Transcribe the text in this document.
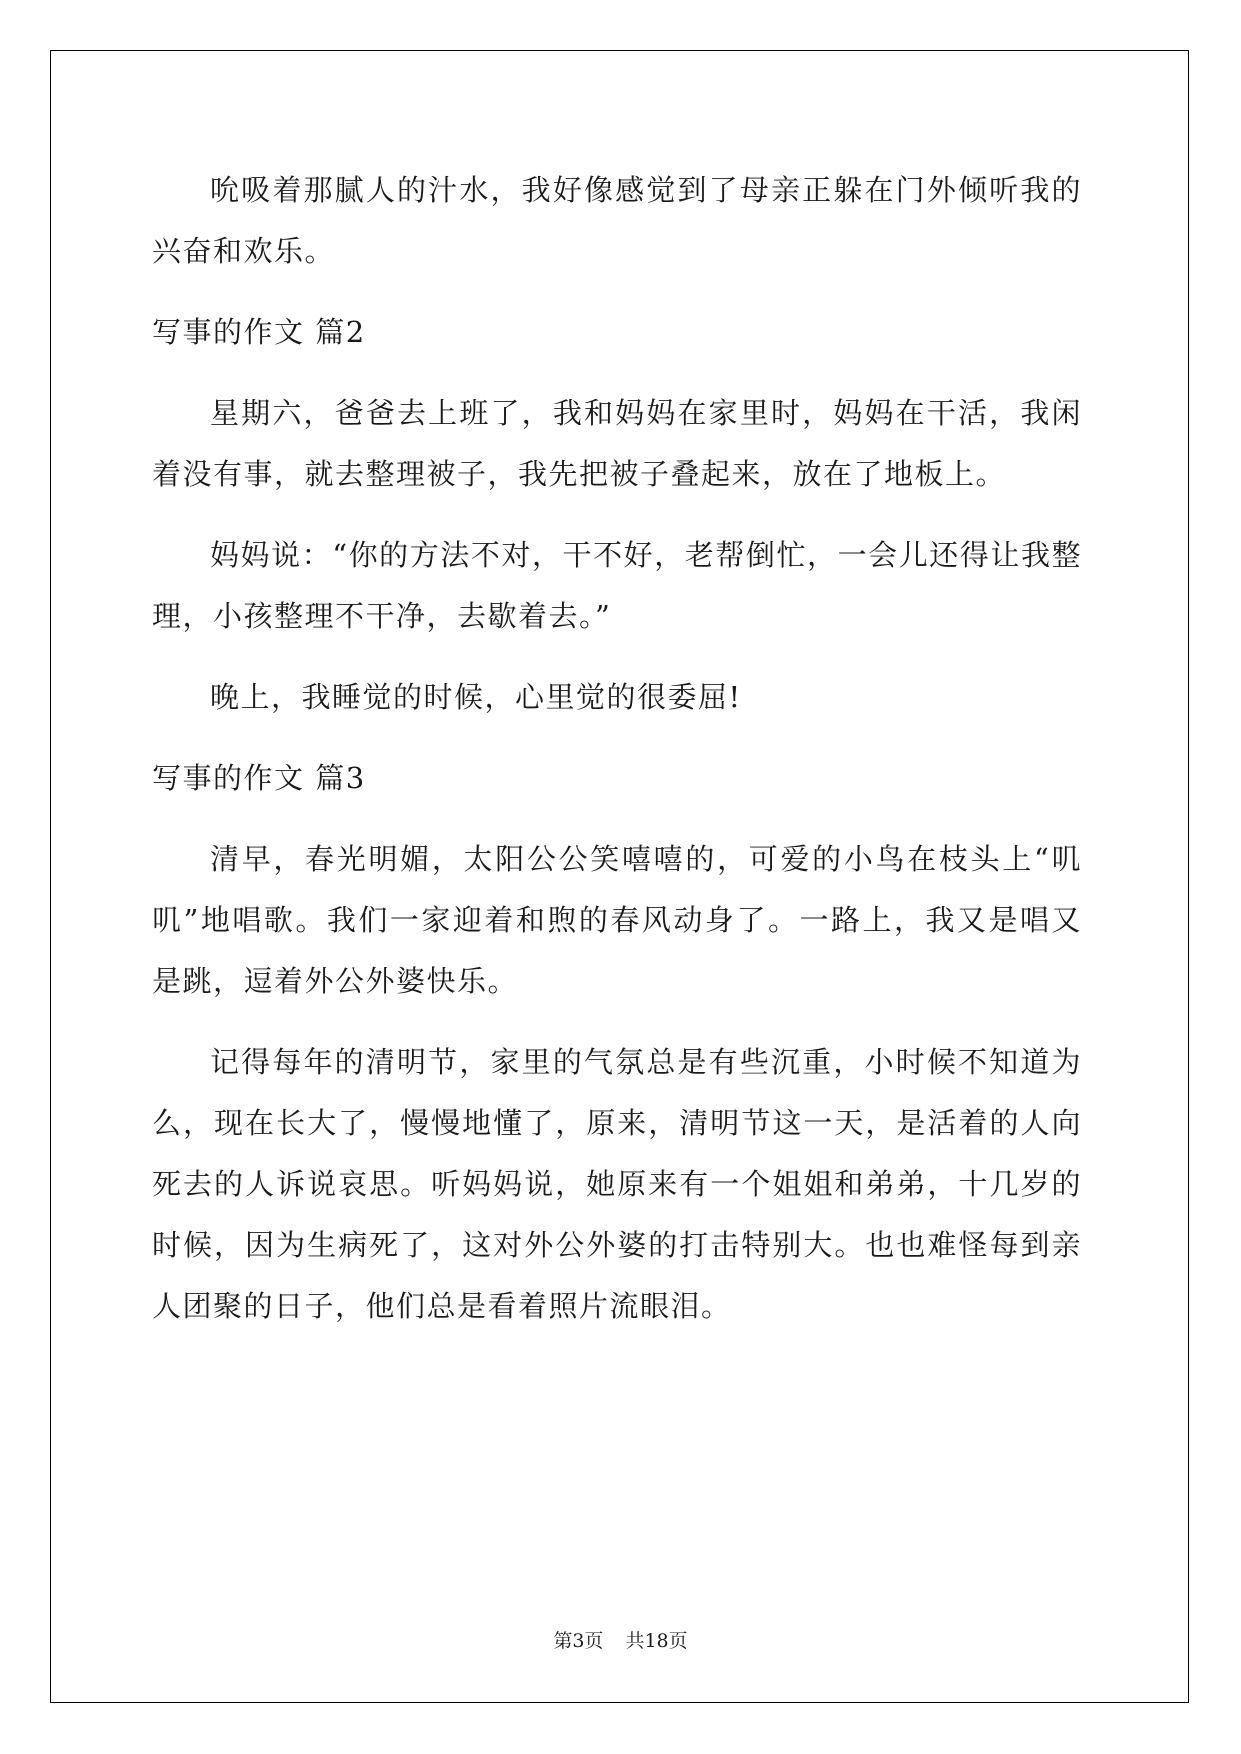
吮吸着那腻人的汁水，我好像感觉到了母亲正躲在门外倾听我的兴奋和欢乐。

写事的作文 篇2

星期六，爸爸去上班了，我和妈妈在家里时，妈妈在干活，我闲着没有事，就去整理被子，我先把被子叠起来，放在了地板上。

妈妈说：“你的方法不对，干不好，老帮倒忙，一会儿还得让我整理，小孩整理不干净，去歇着去。”

晚上，我睡觉的时候，心里觉的很委屈!

写事的作文 篇3

清早，春光明媚，太阳公公笑嘻嘻的，可爱的小鸟在枝头上“叽叽”地唱歌。我们一家迎着和煦的春风动身了。一路上，我又是唱又是跳，逗着外公外婆快乐。

记得每年的清明节，家里的气氛总是有些沉重，小时候不知道为么，现在长大了，慢慢地懂了，原来，清明节这一天，是活着的人向死去的人诉说哀思。听妈妈说，她原来有一个姐姐和弟弟，十几岁的时候，因为生病死了，这对外公外婆的打击特别大。也也难怪每到亲人团聚的日子，他们总是看着照片流眼泪。

第3页 共18页
